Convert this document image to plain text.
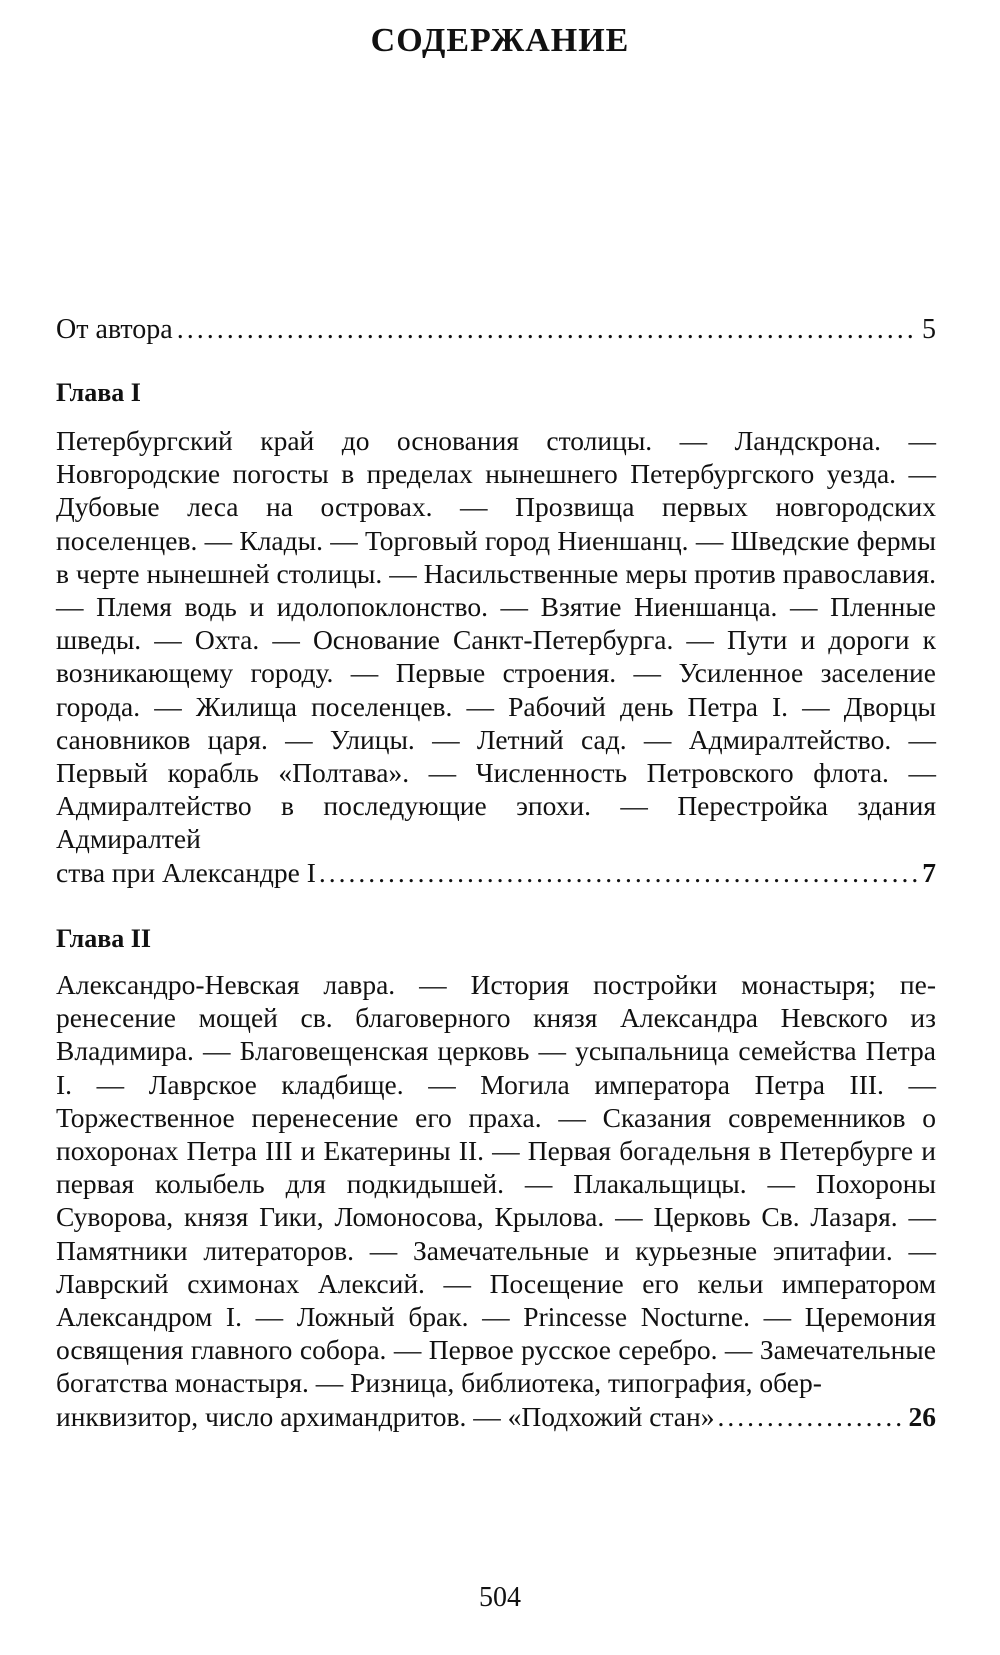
СОДЕРЖАНИЕ
От автора .....	5
Глава I
Петербургский край до основания столицы. — Ландскрона. — Новгородские погосты в пределах нынешнего Петербургского уезда. — Дубовые леса на островах. — Прозвища первых новгородских поселенцев. — Клады. — Торговый город Ниеншанц. — Шведские фермы в черте нынешней столицы. — Насильственные меры против православия. — Племя водь и идолопоклонство. — Взятие Ниеншанца. — Пленные шведы. — Охта. — Основание Санкт-Петербурга. — Пути и дороги к возникающему городу. — Первые строения. — Усиленное заселение города. — Жилища поселенцев. — Рабочий день Петра I. — Дворцы сановников царя. — Улицы. — Летний сад. — Адмиралтейство. — Первый корабль «Полтава». — Численность Петровского флота. — Адмиралтейство в последующие эпохи. — Перестройка здания Адмиралтей
ства при Александре I .....	7
Глава II
Александро-Невская лавра. — История постройки монастыря; перенесение мощей св. благоверного князя Александра Невского из Владимира. — Благовещенская церковь — усыпальница семейства Петра I. — Лаврское кладбище. — Могила императора Петра III. — Торжественное перенесение его праха. — Сказания современников о похоронах Петра III и Екатерины II. — Первая богадельня в Петербурге и первая колыбель для подкидышей. — Плакальщицы. — Похороны Суворова, князя Гики, Ломоносова, Крылова. — Церковь Св. Лазаря. — Памятники литераторов. — Замечательные и курьезные эпитафии. — Лаврский схимонах Алексий. — Посещение его кельи императором Александром I. — Ложный брак. — Princesse Nocturne. — Церемония освящения главного собора. — Первое русское серебро. — Замечательные богатства монастыря. — Ризница, библиотека, типография, обер-
инквизитор, число архимандритов. — «Подхожий стан» .....	26
504
